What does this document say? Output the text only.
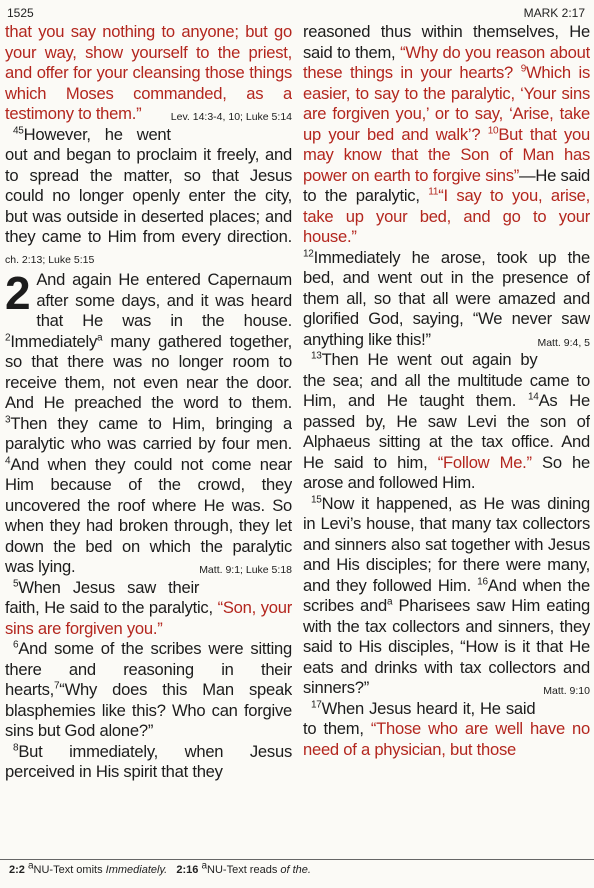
1525	MARK 2:17

that you say nothing to anyone; but go your way, show yourself to the priest, and offer for your cleansing those things which Moses commanded, as a testimony to them.”	Lev. 14:3-4, 10; Luke 5:14

$^{45}$However, he went out and began to proclaim it freely, and to spread the matter, so that Jesus could no longer openly enter the city, but was outside in deserted places; and they came to Him from every direction. ch. 2:13; Luke 5:15

2 And again He entered Capernaum after some days, and it was heard that He was in the house. $^2$Immediately$^a$ many gathered together, so that there was no longer room to receive them, not even near the door. And He preached the word to them. $^3$Then they came to Him, bringing a paralytic who was carried by four men. $^4$And when they could not come near Him because of the crowd, they uncovered the roof where He was. So when they had broken through, they let down the bed on which the paralytic was lying.	Matt. 9:1; Luke 5:18

$^5$When Jesus saw their faith, He said to the paralytic, “Son, your sins are forgiven you.”

$^6$And some of the scribes were sitting there and reasoning in their hearts,$^7$“Why does this Man speak blasphemies like this? Who can forgive sins but God alone?”

$^8$But immediately, when Jesus perceived in His spirit that they

reasoned thus within themselves, He said to them, “Why do you reason about these things in your hearts? $^9$Which is easier, to say to the paralytic, ‘Your sins are forgiven you,’ or to say, ‘Arise, take up your bed and walk’? $^{10}$But that you may know that the Son of Man has power on earth to forgive sins”—He said to the paralytic, $^{11}$“I say to you, arise, take up your bed, and go to your house.”

$^{12}$Immediately he arose, took up the bed, and went out in the presence of them all, so that all were amazed and glorified God, saying, “We never saw anything like this!”	Matt. 9:4, 5

$^{13}$Then He went out again by the sea; and all the multitude came to Him, and He taught them. $^{14}$As He passed by, He saw Levi the son of Alphaeus sitting at the tax office. And He said to him, “Follow Me.” So he arose and followed Him.

$^{15}$Now it happened, as He was dining in Levi’s house, that many tax collectors and sinners also sat together with Jesus and His disciples; for there were many, and they followed Him. $^{16}$And when the scribes and$^a$ Pharisees saw Him eating with the tax collectors and sinners, they said to His disciples, “How is it that He eats and drinks with tax collectors and sinners?”	Matt. 9:10

$^{17}$When Jesus heard it, He said to them, “Those who are well have no need of a physician, but those

2:2 $^a$NU-Text omits Immediately. 2:16 $^a$NU-Text reads of the.
